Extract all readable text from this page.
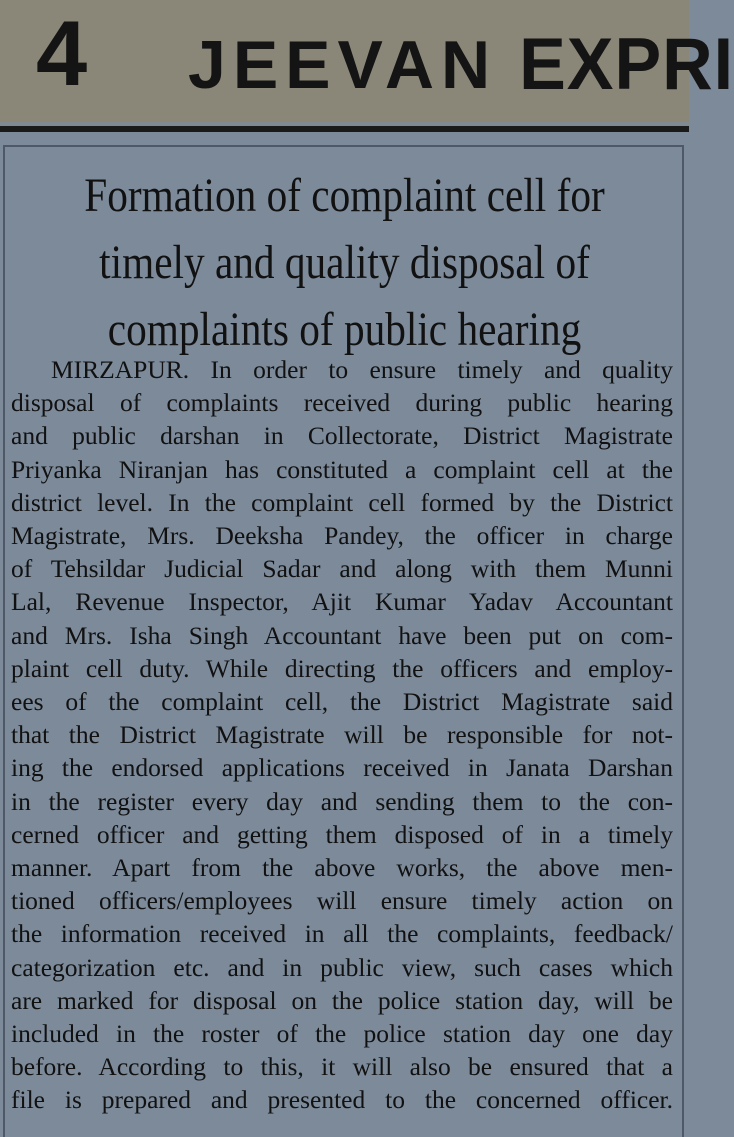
4 JEEVAN EXPRI
Formation of complaint cell for
timely and quality disposal of
complaints of public hearing
MIRZAPUR. In order to ensure timely and quality
disposal of complaints received during public hearing
and public darshan in Collectorate, District Magistrate
Priyanka Niranjan has constituted a complaint cell at the
district level. In the complaint cell formed by the District
Magistrate, Mrs. Deeksha Pandey, the officer in charge
of Tehsildar Judicial Sadar and along with them Munni
Lal, Revenue Inspector, Ajit Kumar Yadav Accountant
and Mrs. Isha Singh Accountant have been put on com-
plaint cell duty. While directing the officers and employ-
ees of the complaint cell, the District Magistrate said
that the District Magistrate will be responsible for not-
ing the endorsed applications received in Janata Darshan
in the register every day and sending them to the con-
cerned officer and getting them disposed of in a timely
manner. Apart from the above works, the above men-
tioned officers/employees will ensure timely action on
the information received in all the complaints, feedback/
categorization etc. and in public view, such cases which
are marked for disposal on the police station day, will be
included in the roster of the police station day one day
before. According to this, it will also be ensured that a
file is prepared and presented to the concerned officer.
